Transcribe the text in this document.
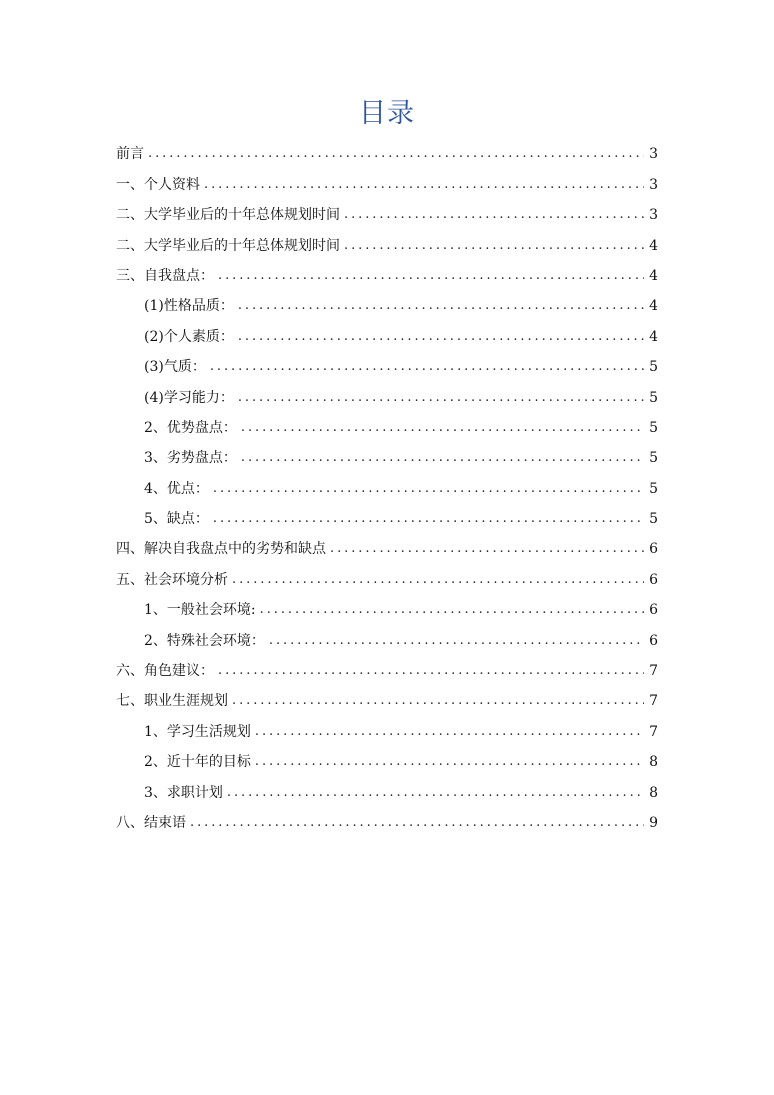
目录
前言 . . .	3
一、个人资料 . . .	3
二、大学毕业后的十年总体规划时间 . . .	3
二、大学毕业后的十年总体规划时间 . . .	4
三、自我盘点： . . .	4
(1)性格品质： . . .	4
(2)个人素质： . . .	4
(3)气质： . . .	5
(4)学习能力： . . .	5
2、优势盘点： . . .	5
3、劣势盘点： . . .	5
4、优点： . . .	5
5、缺点： . . .	5
四、解决自我盘点中的劣势和缺点 . . .	6
五、社会环境分析 . . .	6
1、一般社会环境: . . .	6
2、特殊社会环境： . . .	6
六、角色建议： . . .	7
七、职业生涯规划 . . .	7
1、学习生活规划 . . .	7
2、近十年的目标 . . .	8
3、求职计划 . . .	8
八、结束语 . . .	9
